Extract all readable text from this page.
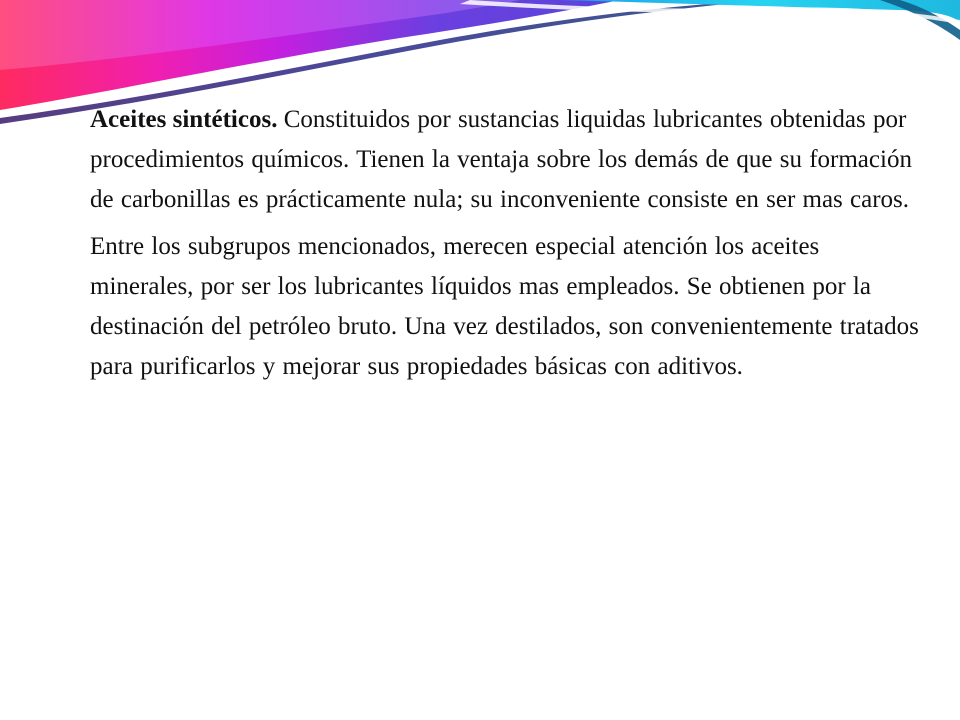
Aceites sintéticos. Constituidos por sustancias liquidas lubricantes obtenidas por procedimientos químicos. Tienen la ventaja sobre los demás de que su formación de carbonillas es prácticamente nula; su inconveniente consiste en ser mas caros.

Entre los subgrupos mencionados, merecen especial atención los aceites minerales, por ser los lubricantes líquidos mas empleados. Se obtienen por la destinación del petróleo bruto. Una vez destilados, son convenientemente tratados para purificarlos y mejorar sus propiedades básicas con aditivos.
